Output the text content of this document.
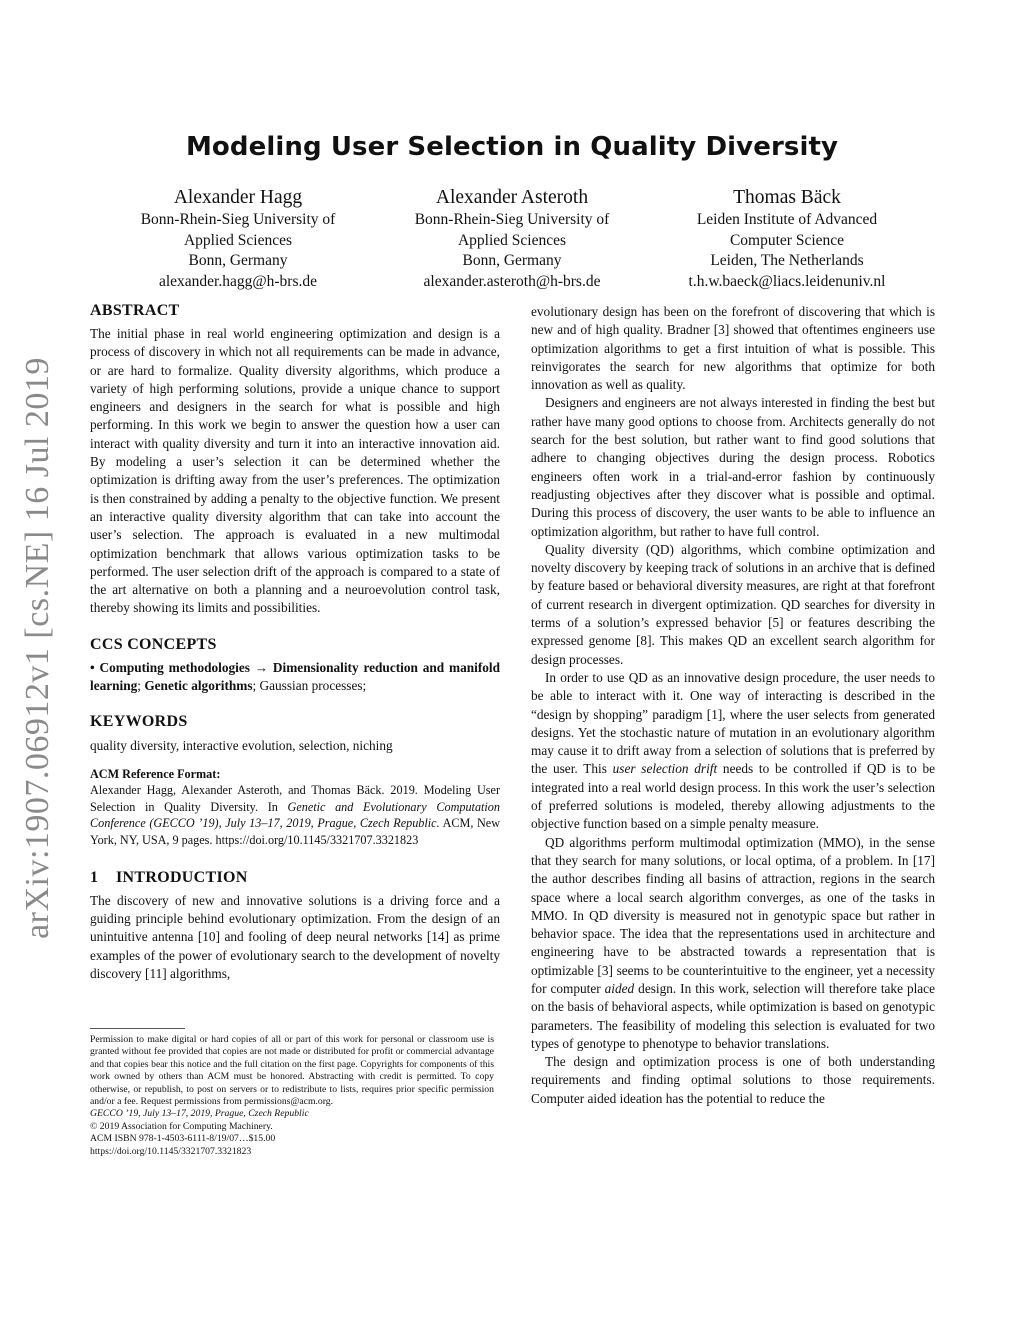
Modeling User Selection in Quality Diversity
Alexander Hagg
Bonn-Rhein-Sieg University of
Applied Sciences
Bonn, Germany
alexander.hagg@h-brs.de
Alexander Asteroth
Bonn-Rhein-Sieg University of
Applied Sciences
Bonn, Germany
alexander.asteroth@h-brs.de
Thomas Bäck
Leiden Institute of Advanced
Computer Science
Leiden, The Netherlands
t.h.w.baeck@liacs.leidenuniv.nl
arXiv:1907.06912v1 [cs.NE] 16 Jul 2019
ABSTRACT

The initial phase in real world engineering optimization and design is a process of discovery in which not all requirements can be made in advance, or are hard to formalize. Quality diversity algorithms, which produce a variety of high performing solutions, provide a unique chance to support engineers and designers in the search for what is possible and high performing. In this work we begin to answer the question how a user can interact with quality diversity and turn it into an interactive innovation aid. By modeling a user’s selection it can be determined whether the optimization is drifting away from the user’s preferences. The optimization is then constrained by adding a penalty to the objective function. We present an interactive quality diversity algorithm that can take into account the user’s selection. The approach is evaluated in a new multimodal optimization benchmark that allows various optimization tasks to be performed. The user selection drift of the approach is compared to a state of the art alternative on both a planning and a neuroevolution control task, thereby showing its limits and possibilities.

CCS CONCEPTS

• Computing methodologies → Dimensionality reduction and manifold learning; Genetic algorithms; Gaussian processes;

KEYWORDS

quality diversity, interactive evolution, selection, niching

ACM Reference Format:
Alexander Hagg, Alexander Asteroth, and Thomas Bäck. 2019. Modeling User Selection in Quality Diversity. In Genetic and Evolutionary Computation Conference (GECCO ’19), July 13–17, 2019, Prague, Czech Republic. ACM, New York, NY, USA, 9 pages. https://doi.org/10.1145/3321707.3321823

1 INTRODUCTION

The discovery of new and innovative solutions is a driving force and a guiding principle behind evolutionary optimization. From the design of an unintuitive antenna [10] and fooling of deep neural networks [14] as prime examples of the power of evolutionary search to the development of novelty discovery [11] algorithms,

Permission to make digital or hard copies of all or part of this work for personal or classroom use is granted without fee provided that copies are not made or distributed for profit or commercial advantage and that copies bear this notice and the full citation on the first page. Copyrights for components of this work owned by others than ACM must be honored. Abstracting with credit is permitted. To copy otherwise, or republish, to post on servers or to redistribute to lists, requires prior specific permission and/or a fee. Request permissions from permissions@acm.org.
GECCO ’19, July 13–17, 2019, Prague, Czech Republic
© 2019 Association for Computing Machinery.
ACM ISBN 978-1-4503-6111-8/19/07…$15.00
https://doi.org/10.1145/3321707.3321823

evolutionary design has been on the forefront of discovering that which is new and of high quality. Bradner [3] showed that oftentimes engineers use optimization algorithms to get a first intuition of what is possible. This reinvigorates the search for new algorithms that optimize for both innovation as well as quality.

Designers and engineers are not always interested in finding the best but rather have many good options to choose from. Architects generally do not search for the best solution, but rather want to find good solutions that adhere to changing objectives during the design process. Robotics engineers often work in a trial-and-error fashion by continuously readjusting objectives after they discover what is possible and optimal. During this process of discovery, the user wants to be able to influence an optimization algorithm, but rather to have full control.

Quality diversity (QD) algorithms, which combine optimization and novelty discovery by keeping track of solutions in an archive that is defined by feature based or behavioral diversity measures, are right at that forefront of current research in divergent optimization. QD searches for diversity in terms of a solution’s expressed behavior [5] or features describing the expressed genome [8]. This makes QD an excellent search algorithm for design processes.

In order to use QD as an innovative design procedure, the user needs to be able to interact with it. One way of interacting is described in the “design by shopping” paradigm [1], where the user selects from generated designs. Yet the stochastic nature of mutation in an evolutionary algorithm may cause it to drift away from a selection of solutions that is preferred by the user. This user selection drift needs to be controlled if QD is to be integrated into a real world design process. In this work the user’s selection of preferred solutions is modeled, thereby allowing adjustments to the objective function based on a simple penalty measure.

QD algorithms perform multimodal optimization (MMO), in the sense that they search for many solutions, or local optima, of a problem. In [17] the author describes finding all basins of attraction, regions in the search space where a local search algorithm converges, as one of the tasks in MMO. In QD diversity is measured not in genotypic space but rather in behavior space. The idea that the representations used in architecture and engineering have to be abstracted towards a representation that is optimizable [3] seems to be counterintuitive to the engineer, yet a necessity for computer aided design. In this work, selection will therefore take place on the basis of behavioral aspects, while optimization is based on genotypic parameters. The feasibility of modeling this selection is evaluated for two types of genotype to phenotype to behavior translations.

The design and optimization process is one of both understanding requirements and finding optimal solutions to those requirements. Computer aided ideation has the potential to reduce the
